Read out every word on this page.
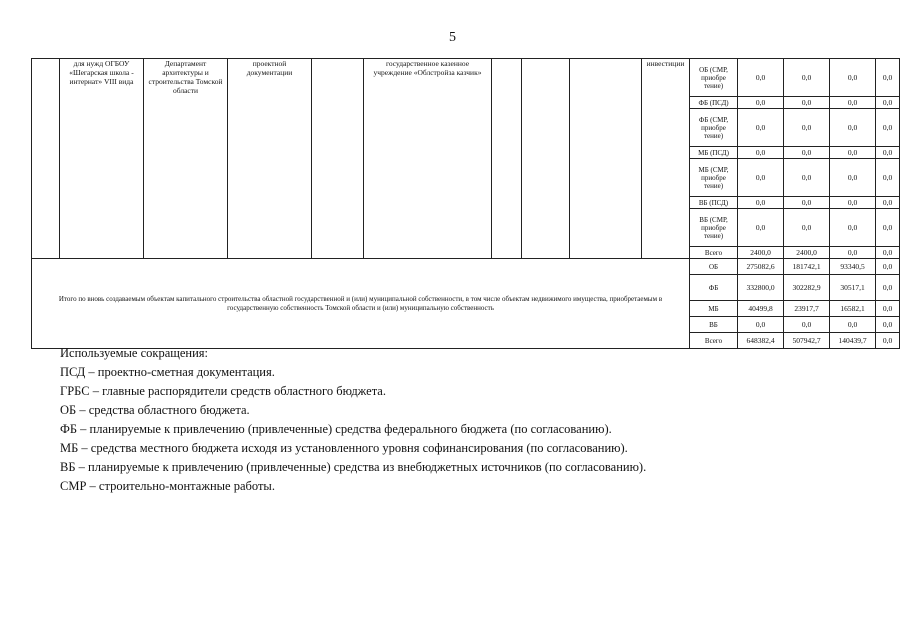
5
	для нужд ОГБОУ «Шегарская школа - интернат» VIII вида	Департамент архитектуры и строительства Томской области	проектной документации		государственное казенное учреждение «Облстройза казчик»				инвестиции	ОБ (СМР, приобре тение)	0,0	0,0	0,0	0,0
										ФБ (ПСД)	0,0	0,0	0,0	0,0
										ФБ (СМР, приобре тение)	0,0	0,0	0,0	0,0
										МБ (ПСД)	0,0	0,0	0,0	0,0
										МБ (СМР, приобре тение)	0,0	0,0	0,0	0,0
										ВБ (ПСД)	0,0	0,0	0,0	0,0
										ВБ (СМР, приобре тение)	0,0	0,0	0,0	0,0
										Всего	2400,0	2400,0	0,0	0,0
Итого по вновь создаваемым объектам капитального строительства областной государственной и (или) муниципальной собственности, в том числе объектам недвижимого имущества, приобретаемым в государственную собственность Томской области и (или) муниципальную собственность										ОБ	275082,6	181742,1	93340,5	0,0
										ФБ	332800,0	302282,9	30517,1	0,0
										МБ	40499,8	23917,7	16582,1	0,0
										ВБ	0,0	0,0	0,0	0,0
										Всего	648382,4	507942,7	140439,7	0,0
Используемые сокращения:
ПСД – проектно-сметная документация.
ГРБС – главные распорядители средств областного бюджета.
ОБ – средства областного бюджета.
ФБ – планируемые к привлечению (привлеченные) средства федерального бюджета (по согласованию).
МБ – средства местного бюджета исходя из установленного уровня софинансирования (по согласованию).
ВБ – планируемые к привлечению (привлеченные) средства из внебюджетных источников (по согласованию).
СМР – строительно-монтажные работы.
